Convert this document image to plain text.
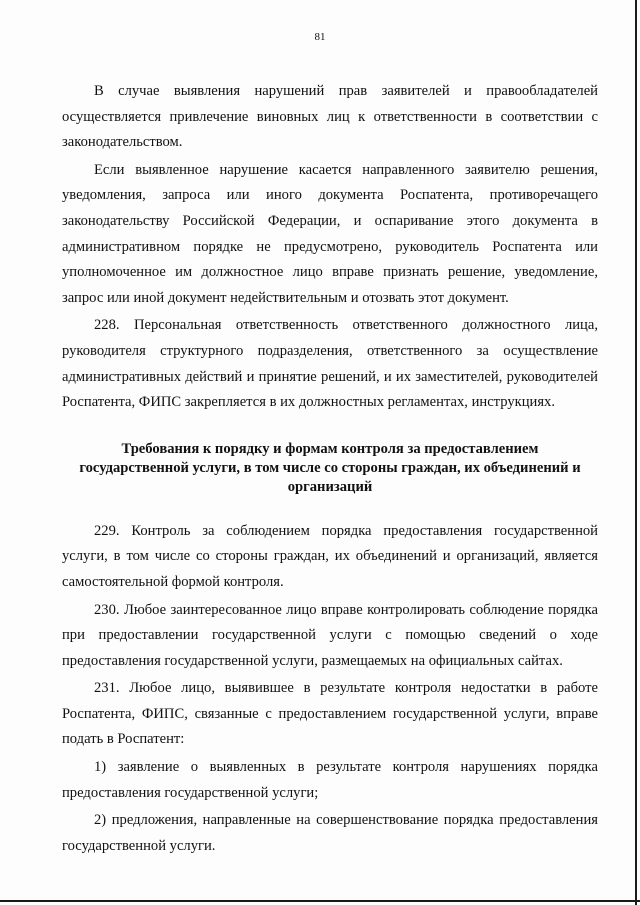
81

В случае выявления нарушений прав заявителей и правообладателей осуществляется привлечение виновных лиц к ответственности в соответствии с законодательством.

Если выявленное нарушение касается направленного заявителю решения, уведомления, запроса или иного документа Роспатента, противоречащего законодательству Российской Федерации, и оспаривание этого документа в административном порядке не предусмотрено, руководитель Роспатента или уполномоченное им должностное лицо вправе признать решение, уведомление, запрос или иной документ недействительным и отозвать этот документ.

228. Персональная ответственность ответственного должностного лица, руководителя структурного подразделения, ответственного за осуществление административных действий и принятие решений, и их заместителей, руководителей Роспатента, ФИПС закрепляется в их должностных регламентах, инструкциях.

Требования к порядку и формам контроля за предоставлением государственной услуги, в том числе со стороны граждан, их объединений и организаций

229. Контроль за соблюдением порядка предоставления государственной услуги, в том числе со стороны граждан, их объединений и организаций, является самостоятельной формой контроля.

230. Любое заинтересованное лицо вправе контролировать соблюдение порядка при предоставлении государственной услуги с помощью сведений о ходе предоставления государственной услуги, размещаемых на официальных сайтах.

231. Любое лицо, выявившее в результате контроля недостатки в работе Роспатента, ФИПС, связанные с предоставлением государственной услуги, вправе подать в Роспатент:

1) заявление о выявленных в результате контроля нарушениях порядка предоставления государственной услуги;

2) предложения, направленные на совершенствование порядка предоставления государственной услуги.
